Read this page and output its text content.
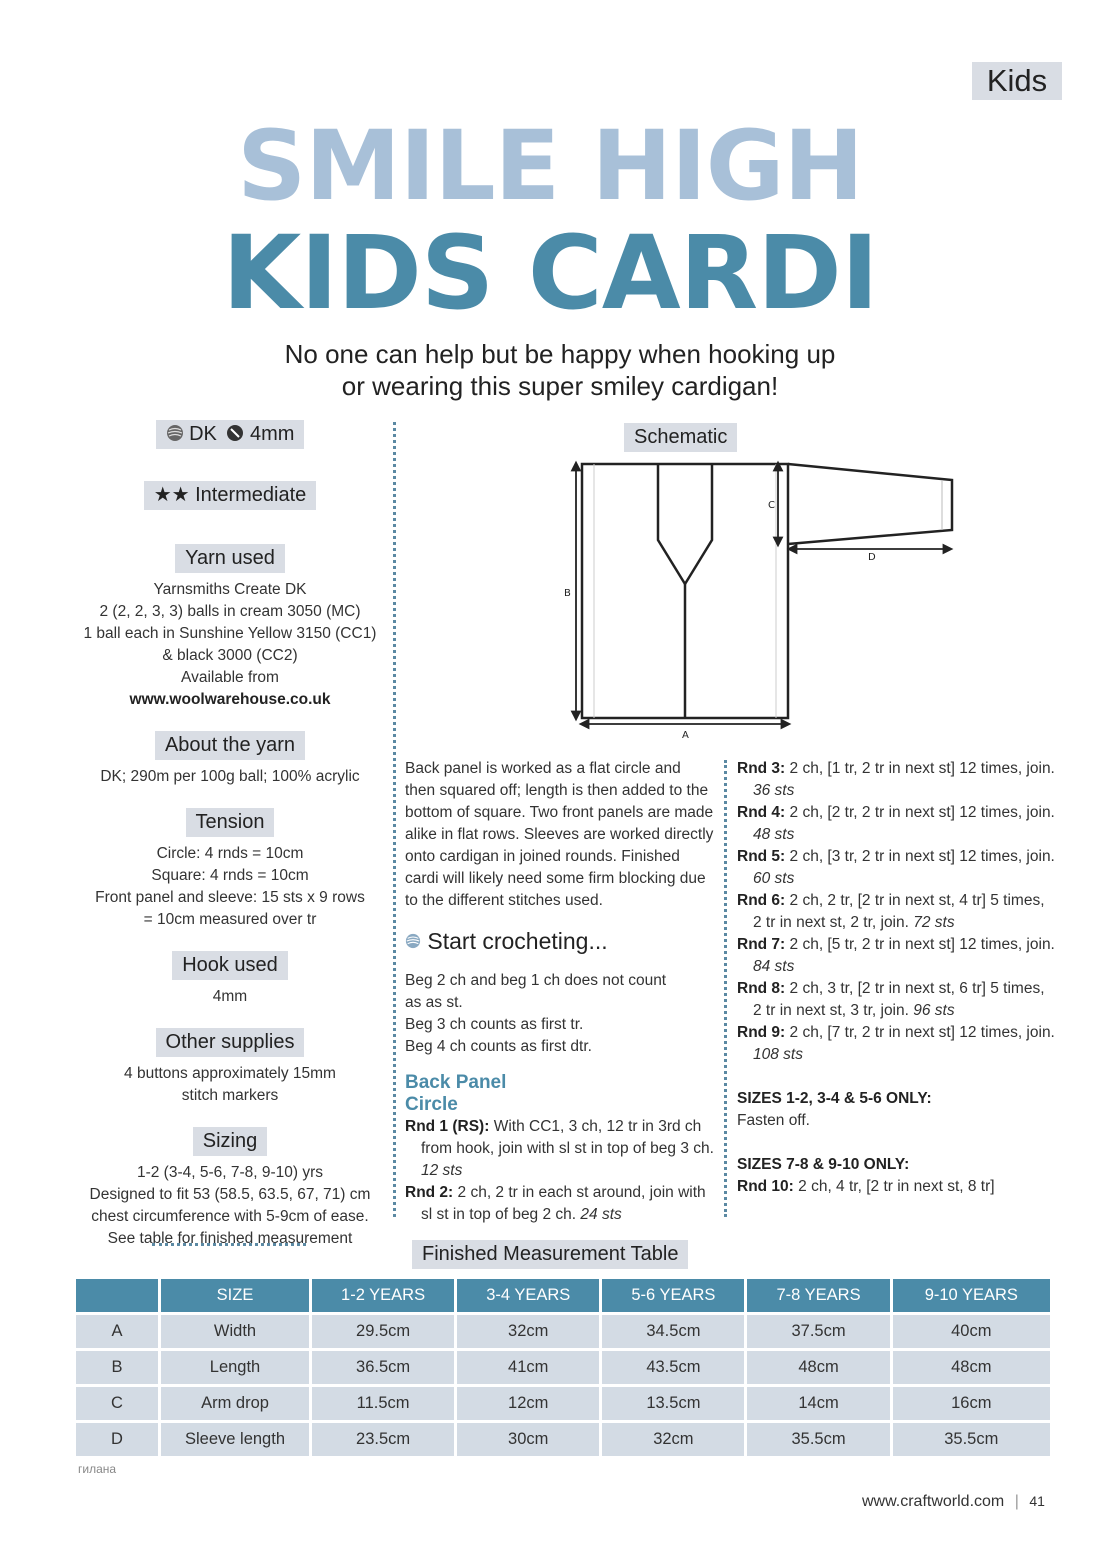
Kids
SMILE HIGH
KIDS CARDI
No one can help but be happy when hooking up
or wearing this super smiley cardigan!
DK 4mm
★★ Intermediate
Yarn used
Yarnsmiths Create DK
2 (2, 2, 3, 3) balls in cream 3050 (MC)
1 ball each in Sunshine Yellow 3150 (CC1)
& black 3000 (CC2)
Available from
www.woolwarehouse.co.uk
About the yarn
DK; 290m per 100g ball; 100% acrylic
Tension
Circle: 4 rnds = 10cm
Square: 4 rnds = 10cm
Front panel and sleeve: 15 sts x 9 rows
= 10cm measured over tr
Hook used
4mm
Other supplies
4 buttons approximately 15mm
stitch markers
Sizing
1-2 (3-4, 5-6, 7-8, 9-10) yrs
Designed to fit 53 (58.5, 63.5, 67, 71) cm
chest circumference with 5-9cm of ease.
See table for finished measurement
Schematic
B
A
C
D

Back panel is worked as a flat circle and then squared off; length is then added to the bottom of square. Two front panels are made alike in flat rows. Sleeves are worked directly onto cardigan in joined rounds. Finished cardi will likely need some firm blocking due to the different stitches used.

Start crocheting...
Beg 2 ch and beg 1 ch does not count
as as st.
Beg 3 ch counts as first tr.
Beg 4 ch counts as first dtr.
Back Panel
Circle

Rnd 1 (RS): With CC1, 3 ch, 12 tr in 3rd ch from hook, join with sl st in top of beg 3 ch. 12 sts

Rnd 2: 2 ch, 2 tr in each st around, join with sl st in top of beg 2 ch. 24 sts

Rnd 3: 2 ch, [1 tr, 2 tr in next st] 12 times, join. 36 sts

Rnd 4: 2 ch, [2 tr, 2 tr in next st] 12 times, join. 48 sts

Rnd 5: 2 ch, [3 tr, 2 tr in next st] 12 times, join. 60 sts

Rnd 6: 2 ch, 2 tr, [2 tr in next st, 4 tr] 5 times, 2 tr in next st, 2 tr, join. 72 sts

Rnd 7: 2 ch, [5 tr, 2 tr in next st] 12 times, join. 84 sts

Rnd 8: 2 ch, 3 tr, [2 tr in next st, 6 tr] 5 times, 2 tr in next st, 3 tr, join. 96 sts

Rnd 9: 2 ch, [7 tr, 2 tr in next st] 12 times, join. 108 sts

SIZES 1-2, 3-4 & 5-6 ONLY:
Fasten off.
SIZES 7-8 & 9-10 ONLY:

Rnd 10: 2 ch, 4 tr, [2 tr in next st, 8 tr]

Finished Measurement Table
	SIZE	1-2 YEARS	3-4 YEARS	5-6 YEARS	7-8 YEARS	9-10 YEARS
A	Width	29.5cm	32cm	34.5cm	37.5cm	40cm
B	Length	36.5cm	41cm	43.5cm	48cm	48cm
C	Arm drop	11.5cm	12cm	13.5cm	14cm	16cm
D	Sleeve length	23.5cm	30cm	32cm	35.5cm	35.5cm
гилана
www.craftworld.com | 41
